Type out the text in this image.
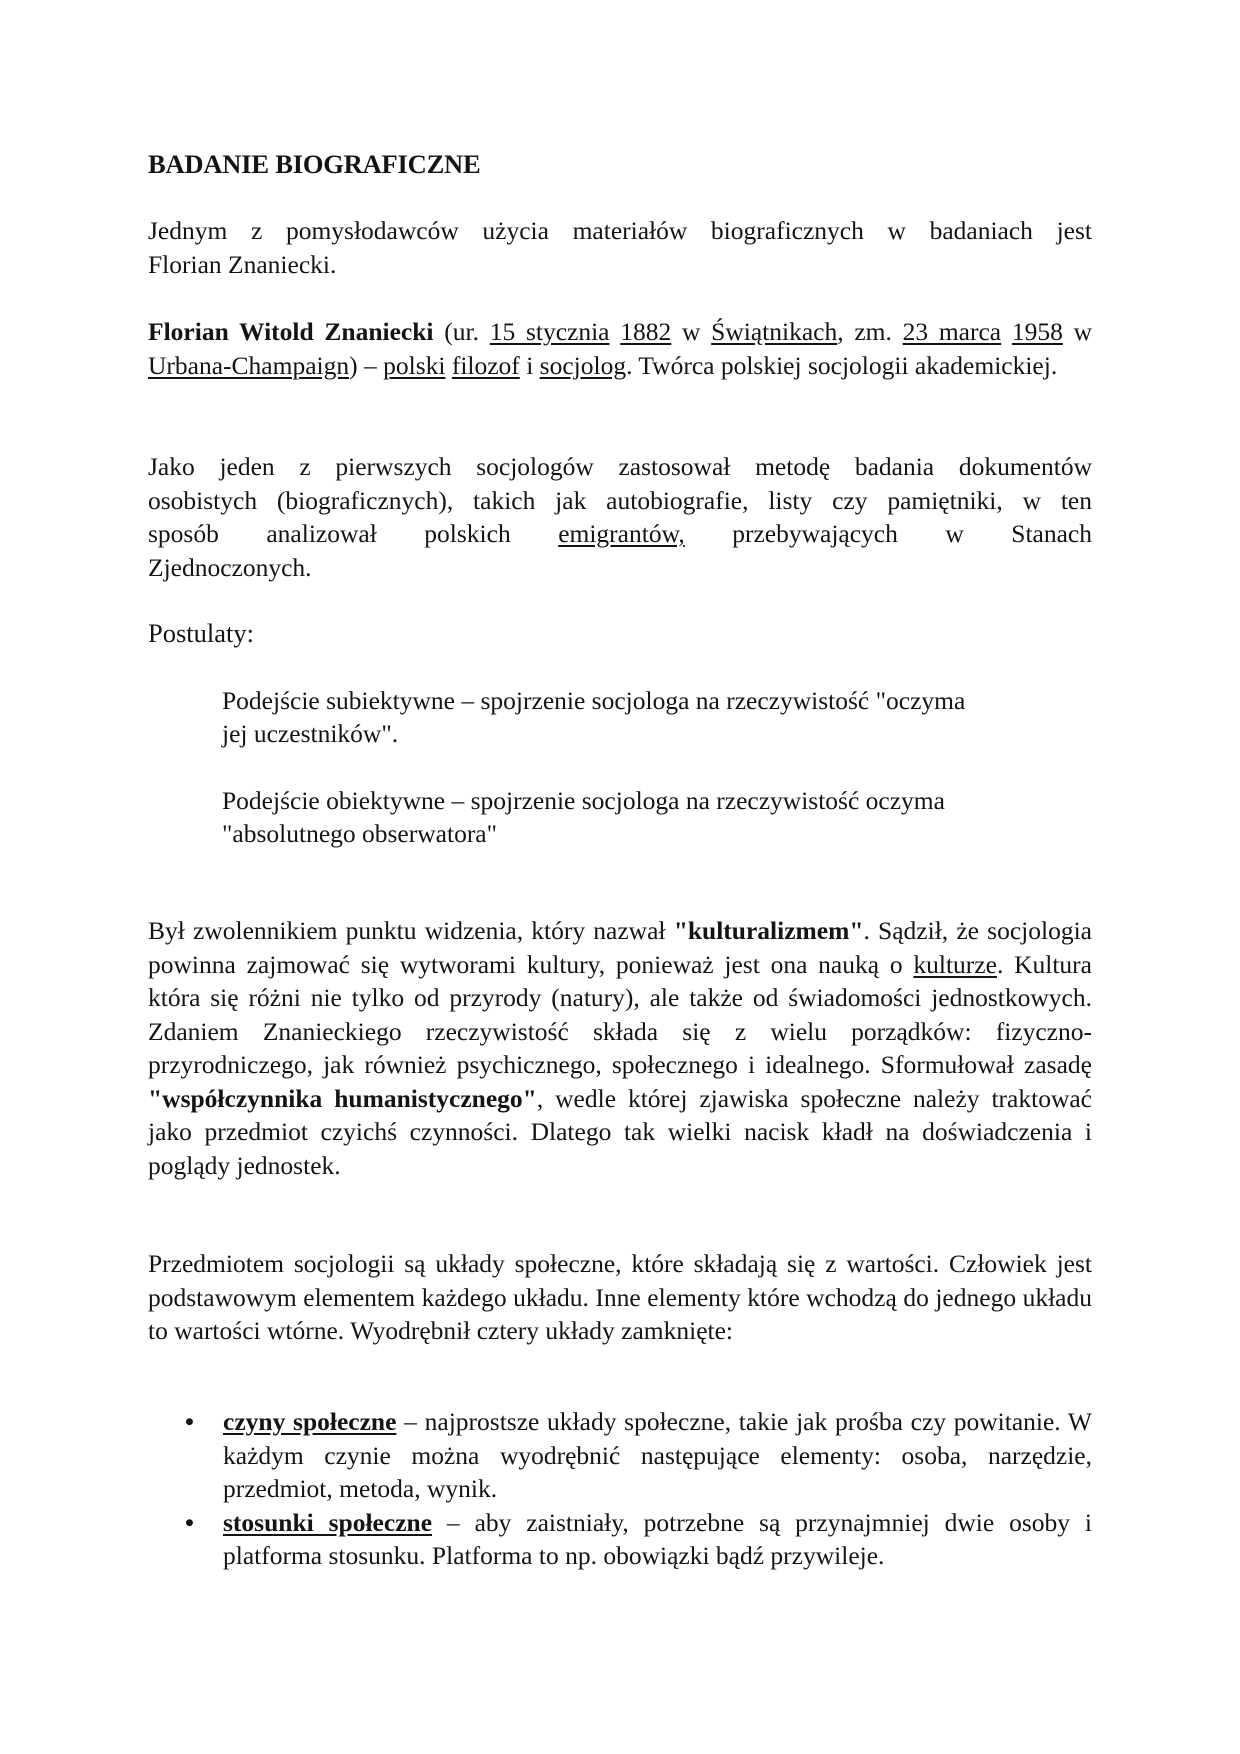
BADANIE BIOGRAFICZNE
Jednym z pomysłodawców użycia materiałów biograficznych w badaniach jest
Florian Znaniecki.
Florian Witold Znaniecki (ur. 15 stycznia 1882 w Świątnikach, zm. 23 marca 1958 w Urbana-Champaign) – polski filozof i socjolog. Twórca polskiej socjologii akademickiej.
Jako jeden z pierwszych socjologów zastosował metodę badania dokumentów
osobistych (biograficznych), takich jak autobiografie, listy czy pamiętniki, w ten
sposób analizował polskich emigrantów, przebywających w Stanach
Zjednoczonych.
Postulaty:
Podejście subiektywne – spojrzenie socjologa na rzeczywistość "oczyma
jej uczestników".
Podejście obiektywne – spojrzenie socjologa na rzeczywistość oczyma
"absolutnego obserwatora"
Był zwolennikiem punktu widzenia, który nazwał "kulturalizmem". Sądził, że socjologia powinna zajmować się wytworami kultury, ponieważ jest ona nauką o kulturze. Kultura która się różni nie tylko od przyrody (natury), ale także od świadomości jednostkowych. Zdaniem Znanieckiego rzeczywistość składa się z wielu porządków: fizyczno-przyrodniczego, jak również psychicznego, społecznego i idealnego. Sformułował zasadę "współczynnika humanistycznego", wedle której zjawiska społeczne należy traktować jako przedmiot czyichś czynności. Dlatego tak wielki nacisk kładł na doświadczenia i poglądy jednostek.
Przedmiotem socjologii są układy społeczne, które składają się z wartości. Człowiek jest podstawowym elementem każdego układu. Inne elementy które wchodzą do jednego układu to wartości wtórne. Wyodrębnił cztery układy zamknięte:
• czyny społeczne – najprostsze układy społeczne, takie jak prośba czy powitanie. W każdym czynie można wyodrębnić następujące elementy: osoba, narzędzie, przedmiot, metoda, wynik.
• stosunki społeczne – aby zaistniały, potrzebne są przynajmniej dwie osoby i platforma stosunku. Platforma to np. obowiązki bądź przywileje.
